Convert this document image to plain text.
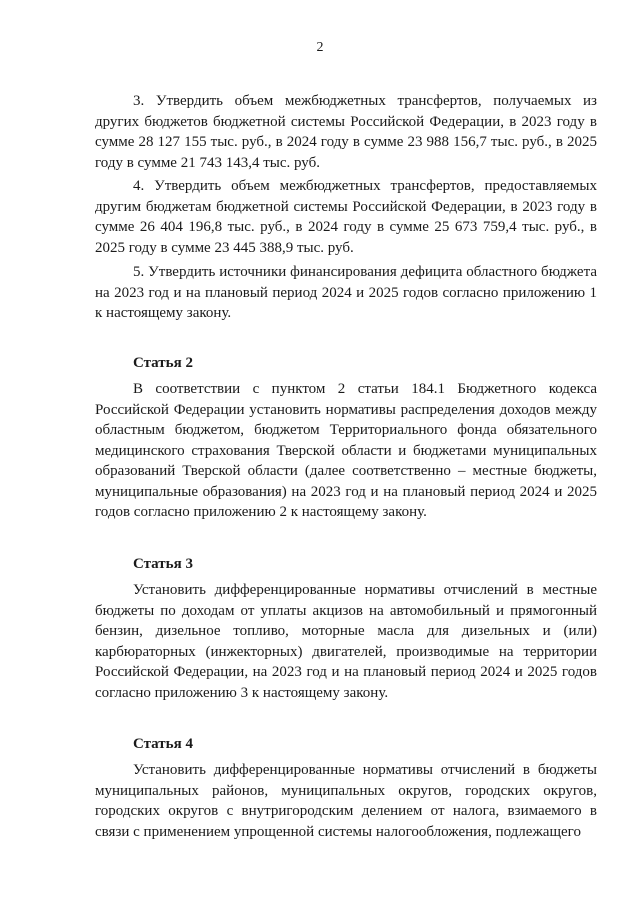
2

3. Утвердить объем межбюджетных трансфертов, получаемых из других бюджетов бюджетной системы Российской Федерации, в 2023 году в сумме 28 127 155 тыс. руб., в 2024 году в сумме 23 988 156,7 тыс. руб., в 2025 году в сумме 21 743 143,4 тыс. руб.

4. Утвердить объем межбюджетных трансфертов, предоставляемых другим бюджетам бюджетной системы Российской Федерации, в 2023 году в сумме 26 404 196,8 тыс. руб., в 2024 году в сумме 25 673 759,4 тыс. руб., в 2025 году в сумме 23 445 388,9 тыс. руб.

5. Утвердить источники финансирования дефицита областного бюджета на 2023 год и на плановый период 2024 и 2025 годов согласно приложению 1 к настоящему закону.

Статья 2

В соответствии с пунктом 2 статьи 184.1 Бюджетного кодекса Российской Федерации установить нормативы распределения доходов между областным бюджетом, бюджетом Территориального фонда обязательного медицинского страхования Тверской области и бюджетами муниципальных образований Тверской области (далее соответственно – местные бюджеты, муниципальные образования) на 2023 год и на плановый период 2024 и 2025 годов согласно приложению 2 к настоящему закону.

Статья 3

Установить дифференцированные нормативы отчислений в местные бюджеты по доходам от уплаты акцизов на автомобильный и прямогонный бензин, дизельное топливо, моторные масла для дизельных и (или) карбюраторных (инжекторных) двигателей, производимые на территории Российской Федерации, на 2023 год и на плановый период 2024 и 2025 годов согласно приложению 3 к настоящему закону.

Статья 4

Установить дифференцированные нормативы отчислений в бюджеты муниципальных районов, муниципальных округов, городских округов, городских округов с внутригородским делением от налога, взимаемого в связи с применением упрощенной системы налогообложения, подлежащего
